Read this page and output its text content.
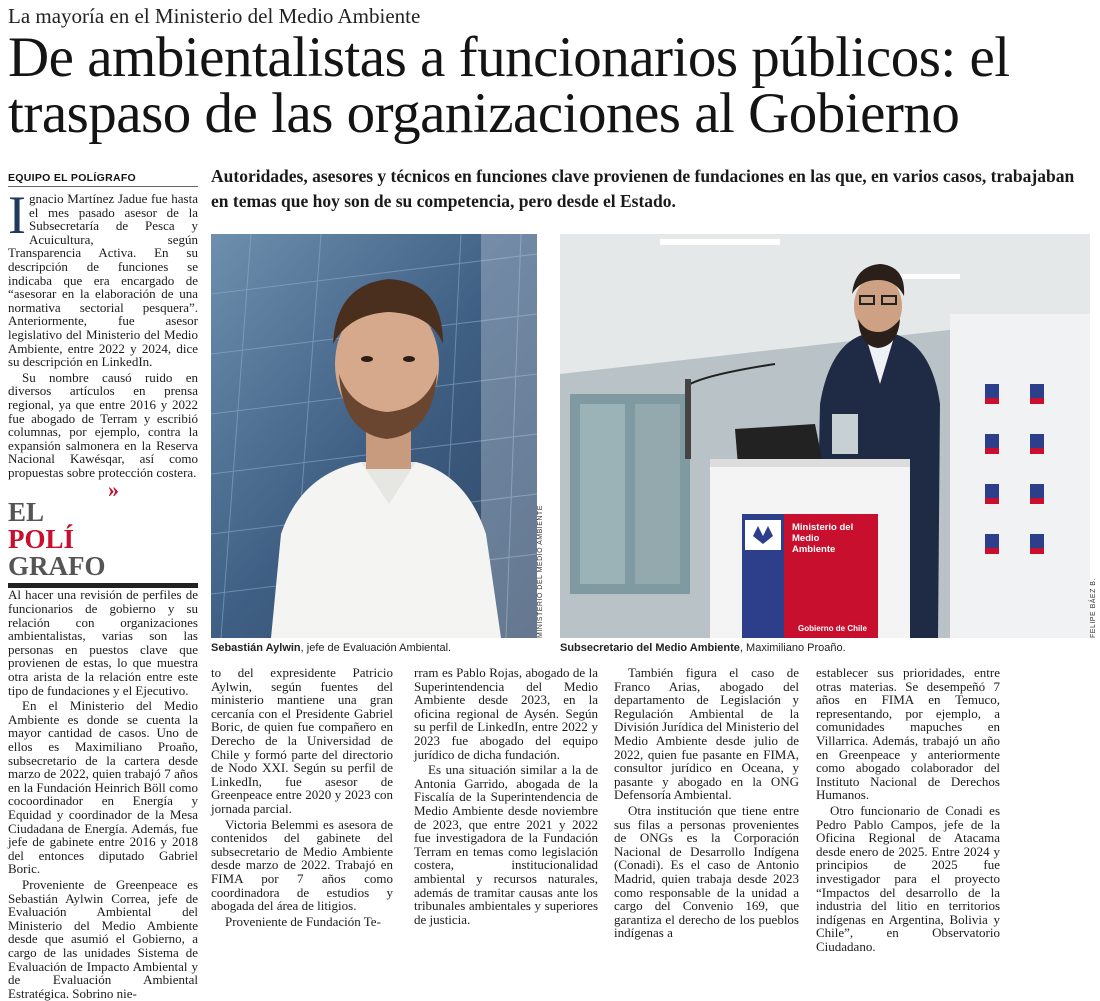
La mayoría en el Ministerio del Medio Ambiente
De ambientalistas a funcionarios públicos: el traspaso de las organizaciones al Gobierno
EQUIPO EL POLÍGRAFO	Autoridades, asesores y técnicos en funciones clave provienen de fundaciones en las que, en varios casos, trabajaban en temas que hoy son de su competencia, pero desde el Estado.

Ignacio Martínez Jadue fue hasta el mes pasado asesor de la Subsecretaría de Pesca y Acuicultura, según Transparencia Activa. En su descripción de funciones se indicaba que era encargado de “asesorar en la elaboración de una normativa sectorial pesquera”. Anteriormente, fue asesor legislativo del Ministerio del Medio Ambiente, entre 2022 y 2024, dice su descripción en LinkedIn.

Su nombre causó ruido en diversos artículos en prensa regional, ya que entre 2016 y 2022 fue abogado de Terram y escribió columnas, por ejemplo, contra la expansión salmonera en la Reserva Nacional Kawésqar, así como propuestas sobre protección costera.

»
EL
POLÍ
GRAFO
Al hacer una revisión de perfiles de funcionarios de gobierno y su relación con organizaciones ambientalistas, varias son las personas en puestos clave que provienen de estas, lo que muestra otra arista de la relación entre este tipo de fundaciones y el Ejecutivo.

En el Ministerio del Medio Ambiente es donde se cuenta la mayor cantidad de casos. Uno de ellos es Maximiliano Proaño, subsecretario de la cartera desde marzo de 2022, quien trabajó 7 años en la Fundación Heinrich Böll como cocoordinador en Energía y Equidad y coordinador de la Mesa Ciudadana de Energía. Además, fue jefe de gabinete entre 2016 y 2018 del entonces diputado Gabriel Boric.

Proveniente de Greenpeace es Sebastián Aylwin Correa, jefe de Evaluación Ambiental del Ministerio del Medio Ambiente desde que asumió el Gobierno, a cargo de las unidades Sistema de Evaluación de Impacto Ambiental y de Evaluación Ambiental Estratégica. Sobrino nie-

MINISTERIO DEL MEDIO AMBIENTE
Sebastián Aylwin, jefe de Evaluación Ambiental.
Ministerio del
Medio
Ambiente
Gobierno de Chile	FELIPE BÁEZ B.
Subsecretario del Medio Ambiente, Maximiliano Proaño.

to del expresidente Patricio Aylwin, según fuentes del ministerio mantiene una gran cercanía con el Presidente Gabriel Boric, de quien fue compañero en Derecho de la Universidad de Chile y formó parte del directorio de Nodo XXI. Según su perfil de LinkedIn, fue asesor de Greenpeace entre 2020 y 2023 con jornada parcial.

Victoria Belemmi es asesora de contenidos del gabinete del subsecretario de Medio Ambiente desde marzo de 2022. Trabajó en FIMA por 7 años como coordinadora de estudios y abogada del área de litigios.

Proveniente de Fundación Te-

rram es Pablo Rojas, abogado de la Superintendencia del Medio Ambiente desde 2023, en la oficina regional de Aysén. Según su perfil de LinkedIn, entre 2022 y 2023 fue abogado del equipo jurídico de dicha fundación.

Es una situación similar a la de Antonia Garrido, abogada de la Fiscalía de la Superintendencia de Medio Ambiente desde noviembre de 2023, que entre 2021 y 2022 fue investigadora de la Fundación Terram en temas como legislación costera, institucionalidad ambiental y recursos naturales, además de tramitar causas ante los tribunales ambientales y superiores de justicia.

También figura el caso de Franco Arias, abogado del departamento de Legislación y Regulación Ambiental de la División Jurídica del Ministerio del Medio Ambiente desde julio de 2022, quien fue pasante en FIMA, consultor jurídico en Oceana, y pasante y abogado en la ONG Defensoría Ambiental.

Otra institución que tiene entre sus filas a personas provenientes de ONGs es la Corporación Nacional de Desarrollo Indígena (Conadi). Es el caso de Antonio Madrid, quien trabaja desde 2023 como responsable de la unidad a cargo del Convenio 169, que garantiza el derecho de los pueblos indígenas a

establecer sus prioridades, entre otras materias. Se desempeñó 7 años en FIMA en Temuco, representando, por ejemplo, a comunidades mapuches en Villarrica. Además, trabajó un año en Greenpeace y anteriormente como abogado colaborador del Instituto Nacional de Derechos Humanos.

Otro funcionario de Conadi es Pedro Pablo Campos, jefe de la Oficina Regional de Atacama desde enero de 2025. Entre 2024 y principios de 2025 fue investigador para el proyecto “Impactos del desarrollo de la industria del litio en territorios indígenas en Argentina, Bolivia y Chile”, en Observatorio Ciudadano.
